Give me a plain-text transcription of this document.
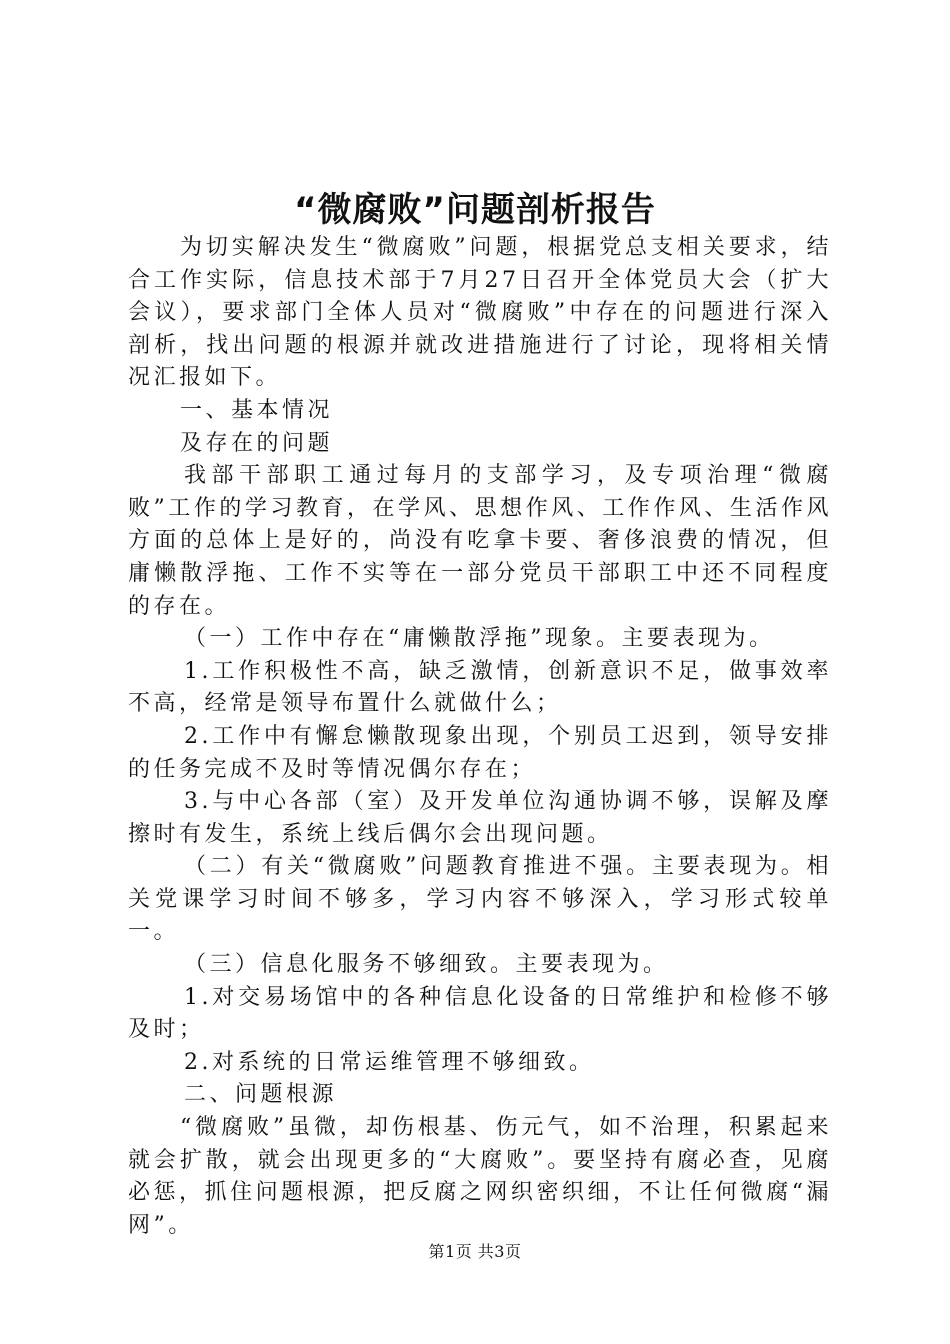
“微腐败”问题剖析报告

为切实解决发生“微腐败”问题，根据党总支相关要求，结合工作实际，信息技术部于7月27日召开全体党员大会（扩大会议），要求部门全体人员对“微腐败”中存在的问题进行深入剖析，找出问题的根源并就改进措施进行了讨论，现将相关情况汇报如下。

一、基本情况

及存在的问题

我部干部职工通过每月的支部学习，及专项治理“微腐败”工作的学习教育，在学风、思想作风、工作作风、生活作风方面的总体上是好的，尚没有吃拿卡要、奢侈浪费的情况，但庸懒散浮拖、工作不实等在一部分党员干部职工中还不同程度的存在。

（一）工作中存在“庸懒散浮拖”现象。主要表现为。

1.工作积极性不高，缺乏激情，创新意识不足，做事效率不高，经常是领导布置什么就做什么；

2.工作中有懈怠懒散现象出现，个别员工迟到，领导安排的任务完成不及时等情况偶尔存在；

3.与中心各部（室）及开发单位沟通协调不够，误解及摩擦时有发生，系统上线后偶尔会出现问题。

（二）有关“微腐败”问题教育推进不强。主要表现为。相关党课学习时间不够多，学习内容不够深入，学习形式较单一。

（三）信息化服务不够细致。主要表现为。

1.对交易场馆中的各种信息化设备的日常维护和检修不够及时；

2.对系统的日常运维管理不够细致。

二、问题根源

“微腐败”虽微，却伤根基、伤元气，如不治理，积累起来就会扩散，就会出现更多的“大腐败”。要坚持有腐必查，见腐必惩，抓住问题根源，把反腐之网织密织细，不让任何微腐“漏网”。

第1页 共3页
